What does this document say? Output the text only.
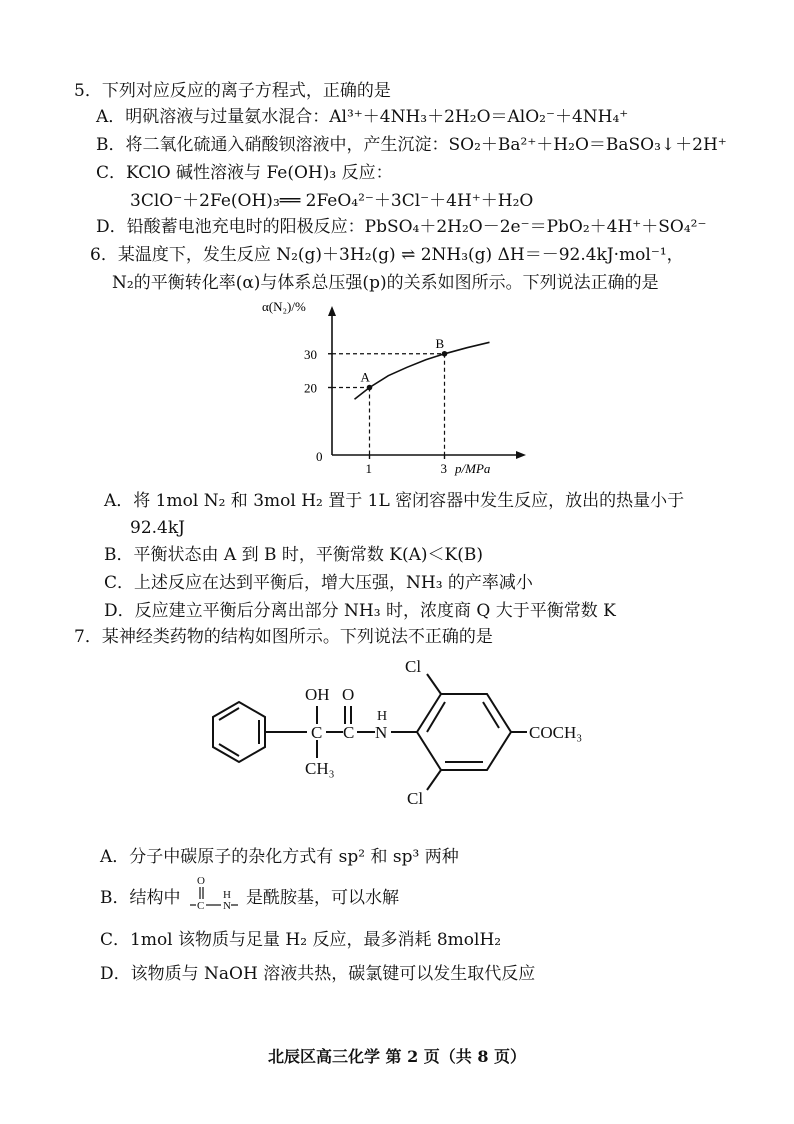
5．下列对应反应的离子方程式，正确的是
A．明矾溶液与过量氨水混合：Al³⁺＋4NH₃＋2H₂O＝AlO₂⁻＋4NH₄⁺
B．将二氧化硫通入硝酸钡溶液中，产生沉淀：SO₂＋Ba²⁺＋H₂O＝BaSO₃↓＋2H⁺
C．KClO 碱性溶液与 Fe(OH)₃ 反应：
3ClO⁻＋2Fe(OH)₃══ 2FeO₄²⁻＋3Cl⁻＋4H⁺＋H₂O
D．铅酸蓄电池充电时的阳极反应：PbSO₄＋2H₂O－2e⁻＝PbO₂＋4H⁺＋SO₄²⁻
6．某温度下，发生反应 N₂(g)＋3H₂(g) ⇌ 2NH₃(g) ΔH＝－92.4kJ·mol⁻¹，
N₂的平衡转化率(α)与体系总压强(p)的关系如图所示。下列说法正确的是
α(N₂)/%
p/MPa
0
20
30
1	3
A
B
A．将 1mol N₂ 和 3mol H₂ 置于 1L 密闭容器中发生反应，放出的热量小于
92.4kJ
B．平衡状态由 A 到 B 时，平衡常数 K(A)＜K(B)
C．上述反应在达到平衡后，增大压强，NH₃ 的产率减小
D．反应建立平衡后分离出部分 NH₃ 时，浓度商 Q 大于平衡常数 K
7．某神经类药物的结构如图所示。下列说法不正确的是
OH O
H
N
C C
CH₃
Cl
Cl
COCH₃
A．分子中碳原子的杂化方式有 sp² 和 sp³ 两种
B．结构中
O
C
H
N 是酰胺基，可以水解
C．1mol 该物质与足量 H₂ 反应，最多消耗 8molH₂
D．该物质与 NaOH 溶液共热，碳氯键可以发生取代反应
北辰区高三化学 第 2 页（共 8 页）
